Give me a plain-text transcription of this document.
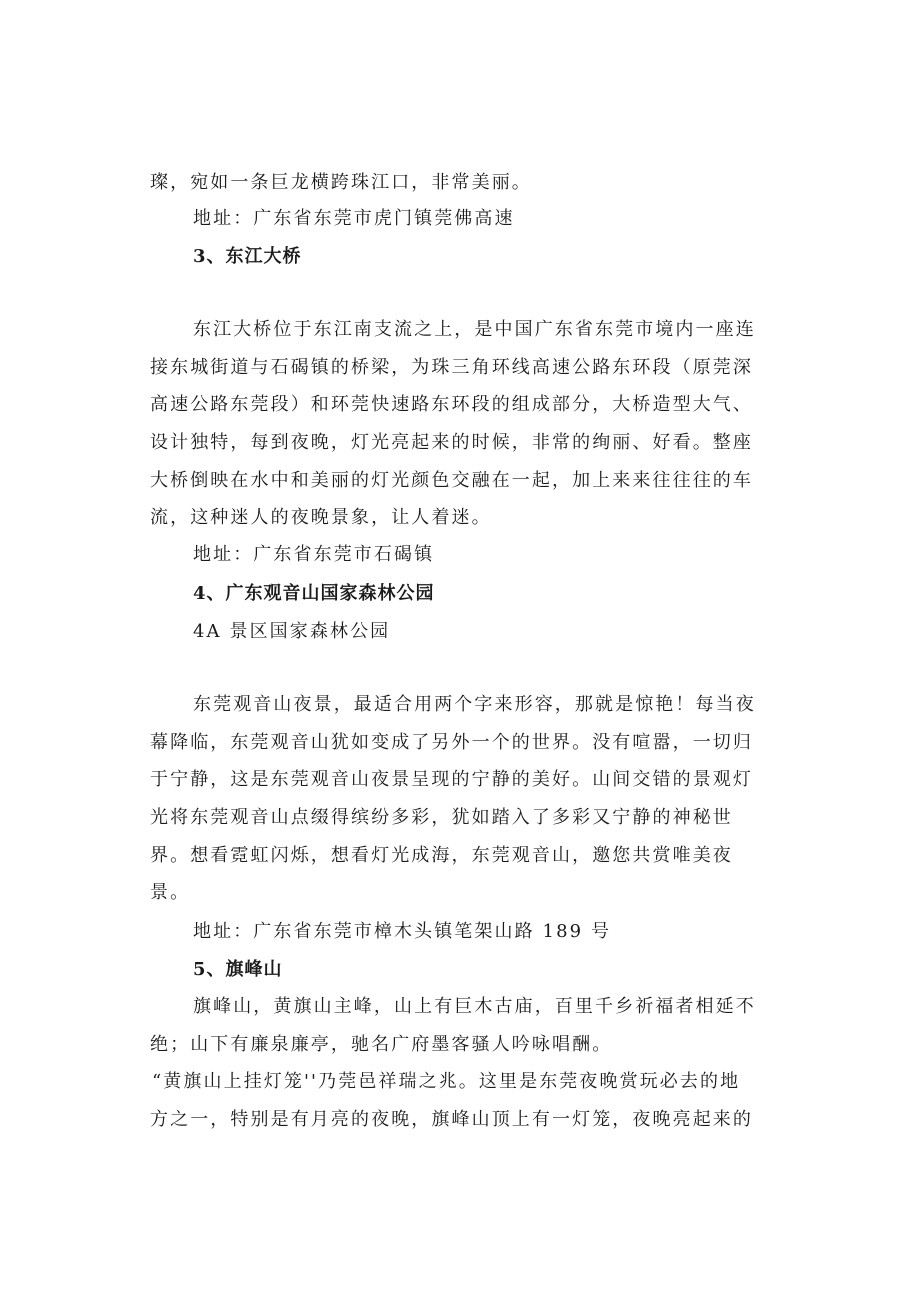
璨，宛如一条巨龙横跨珠江口，非常美丽。
地址：广东省东莞市虎门镇莞佛高速
3、东江大桥
东江大桥位于东江南支流之上，是中国广东省东莞市境内一座连
接东城街道与石碣镇的桥梁，为珠三角环线高速公路东环段（原莞深
高速公路东莞段）和环莞快速路东环段的组成部分，大桥造型大气、
设计独特，每到夜晚，灯光亮起来的时候，非常的绚丽、好看。整座
大桥倒映在水中和美丽的灯光颜色交融在一起，加上来来往往往的车
流，这种迷人的夜晚景象，让人着迷。
地址：广东省东莞市石碣镇
4、广东观音山国家森林公园
4A 景区国家森林公园
东莞观音山夜景，最适合用两个字来形容，那就是惊艳！每当夜
幕降临，东莞观音山犹如变成了另外一个的世界。没有喧嚣，一切归
于宁静，这是东莞观音山夜景呈现的宁静的美好。山间交错的景观灯
光将东莞观音山点缀得缤纷多彩，犹如踏入了多彩又宁静的神秘世
界。想看霓虹闪烁，想看灯光成海，东莞观音山，邀您共赏唯美夜
景。
地址：广东省东莞市樟木头镇笔架山路 189 号
5、旗峰山
旗峰山，黄旗山主峰，山上有巨木古庙，百里千乡祈福者相延不
绝；山下有廉泉廉亭，驰名广府墨客骚人吟咏唱酬。
“黄旗山上挂灯笼''乃莞邑祥瑞之兆。这里是东莞夜晚赏玩必去的地
方之一，特别是有月亮的夜晚，旗峰山顶上有一灯笼，夜晚亮起来的
